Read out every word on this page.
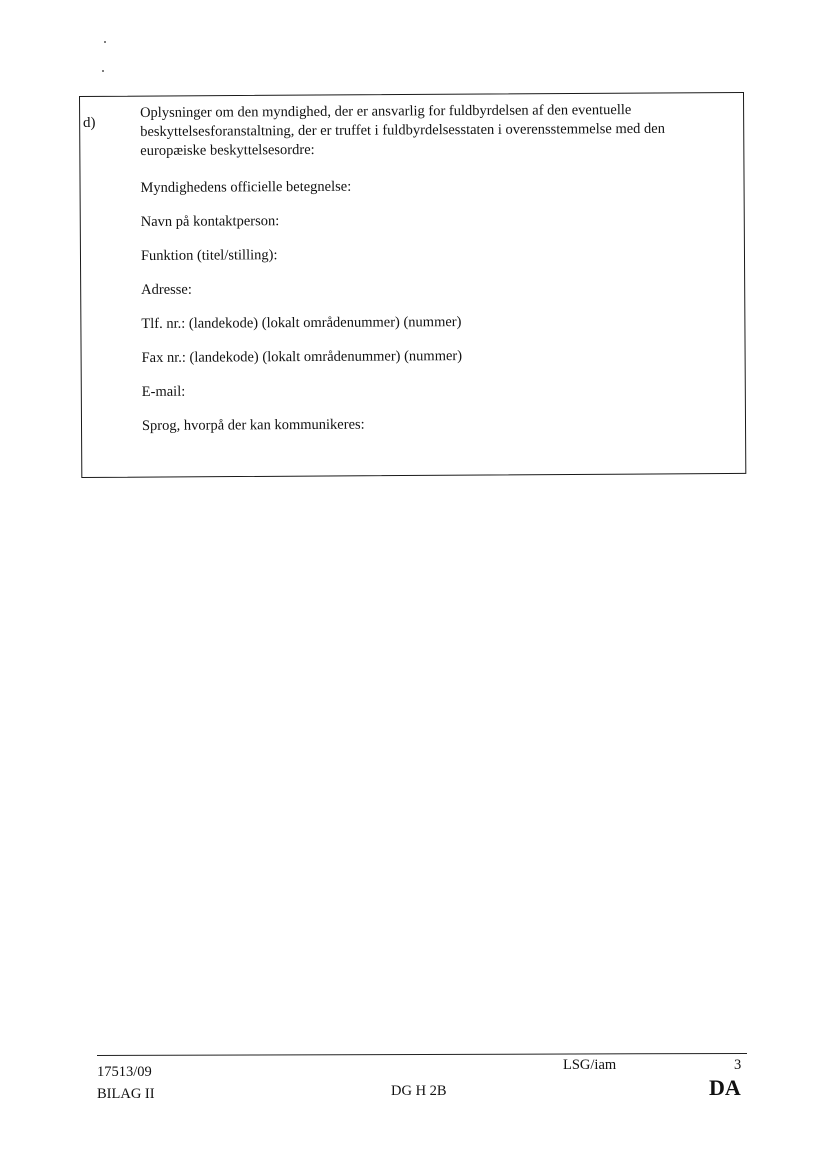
d)

Oplysninger om den myndighed, der er ansvarlig for fuldbyrdelsen af den eventuelle beskyttelsesforanstaltning, der er truffet i fuldbyrdelsesstaten i overensstemmelse med den europæiske beskyttelsesordre:

Myndighedens officielle betegnelse:

Navn på kontaktperson:

Funktion (titel/stilling):

Adresse:

Tlf. nr.: (landekode) (lokalt områdenummer) (nummer)

Fax nr.: (landekode) (lokalt områdenummer) (nummer)

E-mail:

Sprog, hvorpå der kan kommunikeres:

17513/09	LSG/iam	3
BILAG II	DG H 2B	DA
